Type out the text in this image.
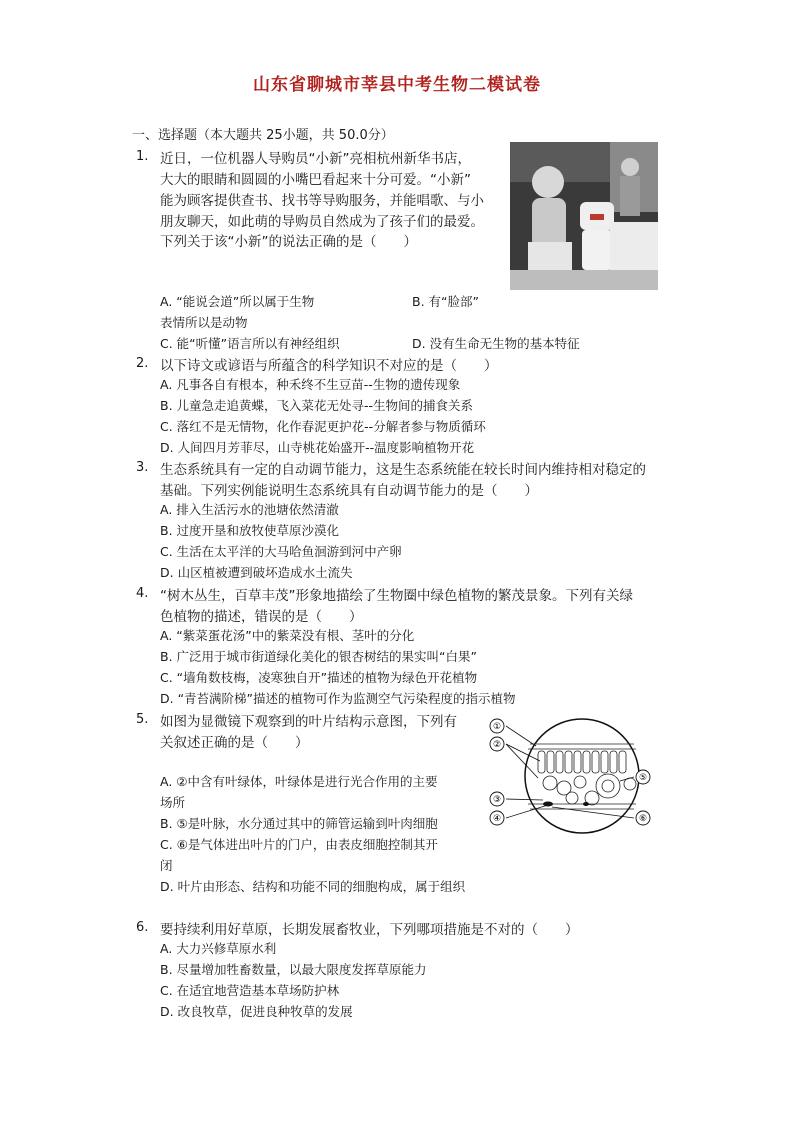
山东省聊城市莘县中考生物二模试卷
一、选择题（本大题共 25小题，共 50.0分）
1. 近日，一位机器人导购员“小新”亮相杭州新华书店，
大大的眼睛和圆圆的小嘴巴看起来十分可爱。“小新”
能为顾客提供查书、找书等导购服务，并能唱歌、与小
朋友聊天，如此萌的导购员自然成为了孩子们的最爱。
下列关于该“小新”的说法正确的是（　　）
A. “能说会道”所以属于生物	B. 有“脸部”
表情所以是动物
C. 能“听懂”语言所以有神经组织	D. 没有生命无生物的基本特征
2. 以下诗文或谚语与所蕴含的科学知识不对应的是（　　）
A. 凡事各自有根本，种禾终不生豆苗--生物的遗传现象
B. 儿童急走追黄蝶，飞入菜花无处寻--生物间的捕食关系
C. 落红不是无情物，化作春泥更护花--分解者参与物质循环
D. 人间四月芳菲尽，山寺桃花始盛开--温度影响植物开花
3. 生态系统具有一定的自动调节能力，这是生态系统能在较长时间内维持相对稳定的
基础。下列实例能说明生态系统具有自动调节能力的是（　　）
A. 排入生活污水的池塘依然清澈
B. 过度开垦和放牧使草原沙漠化
C. 生活在太平洋的大马哈鱼洄游到河中产卵
D. 山区植被遭到破坏造成水土流失
4. “树木丛生，百草丰茂”形象地描绘了生物圈中绿色植物的繁茂景象。下列有关绿
色植物的描述，错误的是（　　）
A. “紫菜蛋花汤”中的紫菜没有根、茎叶的分化
B. 广泛用于城市街道绿化美化的银杏树结的果实叫“白果”
C. “墙角数枝梅，凌寒独自开”描述的植物为绿色开花植物
D. “青苔满阶梯”描述的植物可作为监测空气污染程度的指示植物
5. 如图为显微镜下观察到的叶片结构示意图，下列有
关叙述正确的是（　　）
A. ②中含有叶绿体，叶绿体是进行光合作用的主要
场所
B. ⑤是叶脉，水分通过其中的筛管运输到叶肉细胞
C. ⑥是气体进出叶片的门户，由表皮细胞控制其开
闭
D. 叶片由形态、结构和功能不同的细胞构成，属于组织
①
②
③
④
⑤
⑥
6. 要持续利用好草原，长期发展畜牧业，下列哪项措施是不对的（　　）
A. 大力兴修草原水利
B. 尽量增加牲畜数量，以最大限度发挥草原能力
C. 在适宜地营造基本草场防护林
D. 改良牧草，促进良种牧草的发展
